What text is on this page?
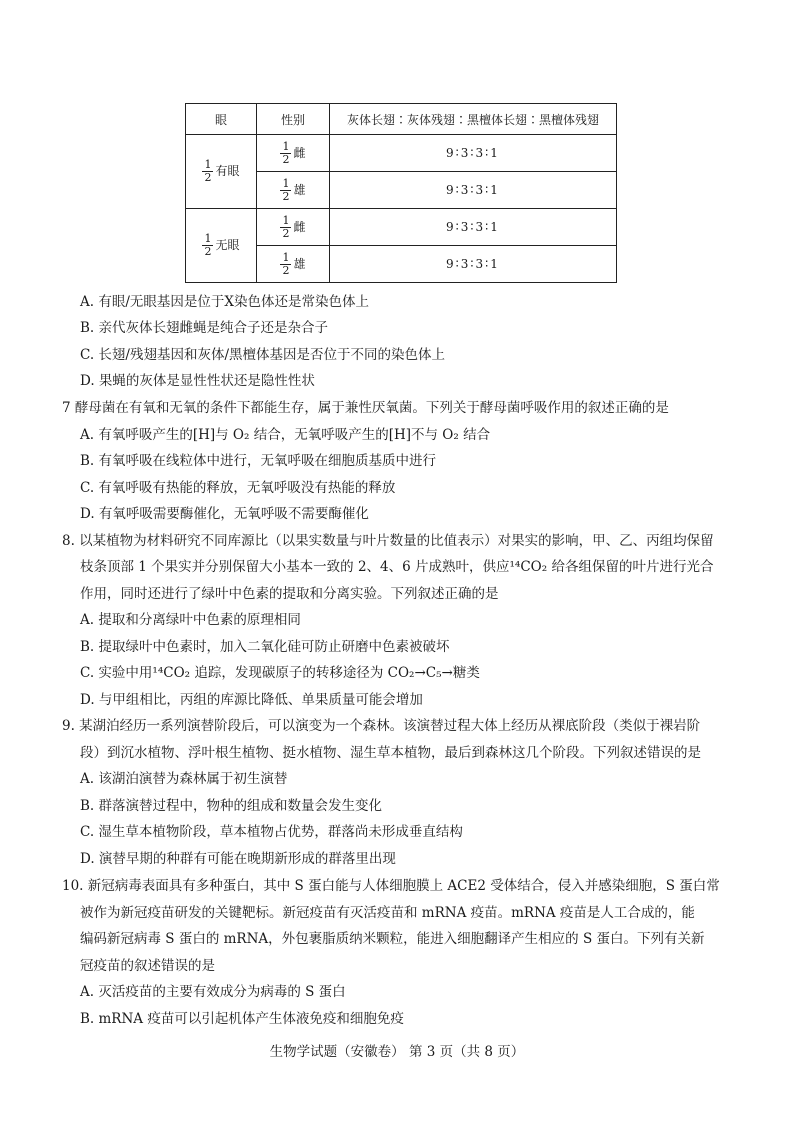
眼	性别	灰体长翅∶灰体残翅∶黑檀体长翅∶黑檀体残翅

$\frac{1}{2}$ 有眼	$\frac{1}{2}$ 雌	9∶3∶3∶1

	$\frac{1}{2}$ 雄	9∶3∶3∶1

$\frac{1}{2}$ 无眼	$\frac{1}{2}$ 雌	9∶3∶3∶1

	$\frac{1}{2}$ 雄	9∶3∶3∶1
A. 有眼/无眼基因是位于X染色体还是常染色体上
B. 亲代灰体长翅雌蝇是纯合子还是杂合子
C. 长翅/残翅基因和灰体/黑檀体基因是否位于不同的染色体上
D. 果蝇的灰体是显性性状还是隐性性状
7 酵母菌在有氧和无氧的条件下都能生存，属于兼性厌氧菌。下列关于酵母菌呼吸作用的叙述正确的是
A. 有氧呼吸产生的[H]与 O₂ 结合，无氧呼吸产生的[H]不与 O₂ 结合
B. 有氧呼吸在线粒体中进行，无氧呼吸在细胞质基质中进行
C. 有氧呼吸有热能的释放，无氧呼吸没有热能的释放
D. 有氧呼吸需要酶催化，无氧呼吸不需要酶催化
8. 以某植物为材料研究不同库源比（以果实数量与叶片数量的比值表示）对果实的影响，甲、乙、丙组均保留
枝条顶部 1 个果实并分别保留大小基本一致的 2、4、6 片成熟叶，供应¹⁴CO₂ 给各组保留的叶片进行光合
作用，同时还进行了绿叶中色素的提取和分离实验。下列叙述正确的是
A. 提取和分离绿叶中色素的原理相同
B. 提取绿叶中色素时，加入二氧化硅可防止研磨中色素被破坏
C. 实验中用¹⁴CO₂ 追踪，发现碳原子的转移途径为 CO₂→C₅→糖类
D. 与甲组相比，丙组的库源比降低、单果质量可能会增加
9. 某湖泊经历一系列演替阶段后，可以演变为一个森林。该演替过程大体上经历从裸底阶段（类似于裸岩阶
段）到沉水植物、浮叶根生植物、挺水植物、湿生草本植物，最后到森林这几个阶段。下列叙述错误的是
A. 该湖泊演替为森林属于初生演替
B. 群落演替过程中，物种的组成和数量会发生变化
C. 湿生草本植物阶段，草本植物占优势，群落尚未形成垂直结构
D. 演替早期的种群有可能在晚期新形成的群落里出现
10. 新冠病毒表面具有多种蛋白，其中 S 蛋白能与人体细胞膜上 ACE2 受体结合，侵入并感染细胞，S 蛋白常
被作为新冠疫苗研发的关键靶标。新冠疫苗有灭活疫苗和 mRNA 疫苗。mRNA 疫苗是人工合成的，能
编码新冠病毒 S 蛋白的 mRNA，外包裹脂质纳米颗粒，能进入细胞翻译产生相应的 S 蛋白。下列有关新
冠疫苗的叙述错误的是
A. 灭活疫苗的主要有效成分为病毒的 S 蛋白
B. mRNA 疫苗可以引起机体产生体液免疫和细胞免疫
生物学试题（安徽卷） 第 3 页（共 8 页）
